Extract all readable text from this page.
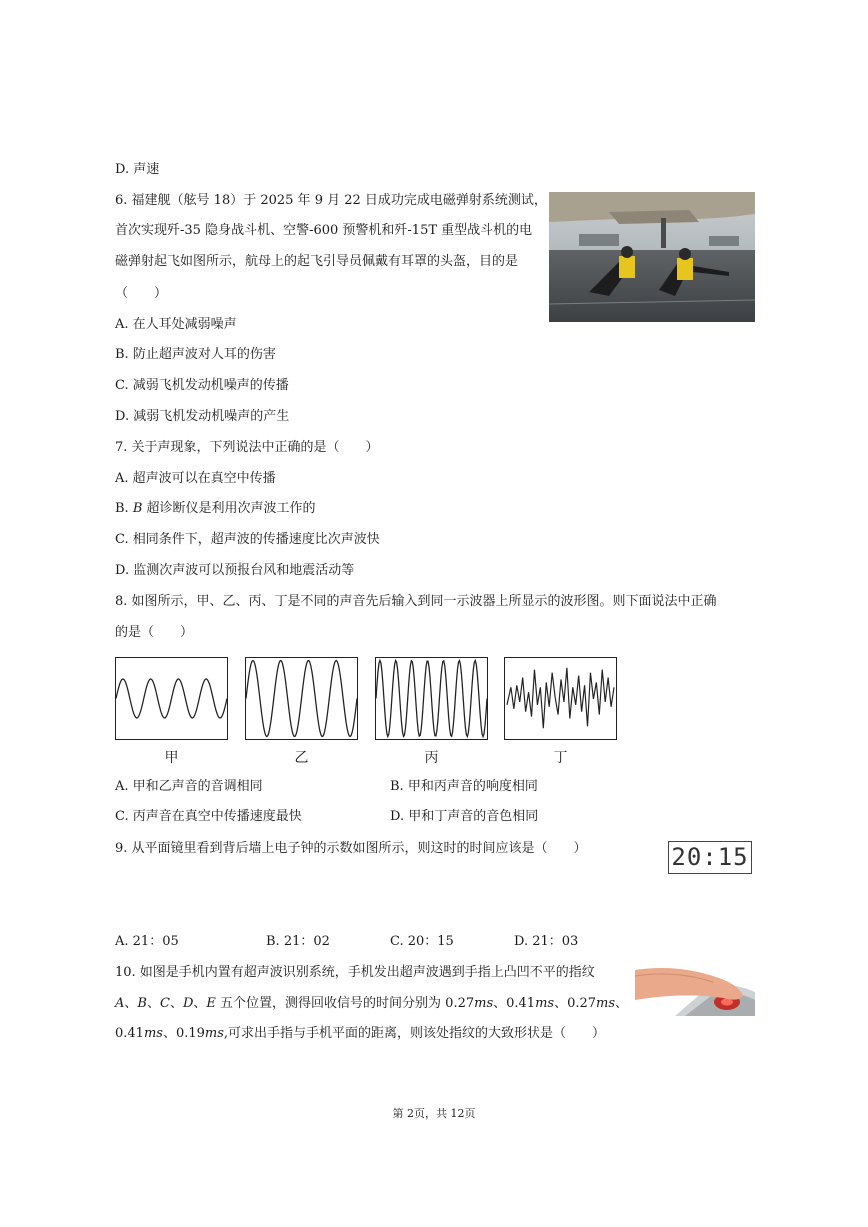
D. 声速
6. 福建舰（舷号 18）于 2025 年 9 月 22 日成功完成电磁弹射系统测试，
首次实现歼-35 隐身战斗机、空警-600 预警机和歼-15T 重型战斗机的电
磁弹射起飞如图所示，航母上的起飞引导员佩戴有耳罩的头盔，目的是
（　　）
A. 在人耳处减弱噪声
B. 防止超声波对人耳的伤害
C. 减弱飞机发动机噪声的传播
D. 减弱飞机发动机噪声的产生
7. 关于声现象，下列说法中正确的是（　　）
A. 超声波可以在真空中传播
B. B 超诊断仪是利用次声波工作的
C. 相同条件下，超声波的传播速度比次声波快
D. 监测次声波可以预报台风和地震活动等
8. 如图所示，甲、乙、丙、丁是不同的声音先后输入到同一示波器上所显示的波形图。则下面说法中正确
的是（　　）
甲	乙	丙	丁
A. 甲和乙声音的音调相同	B. 甲和丙声音的响度相同
C. 丙声音在真空中传播速度最快	D. 甲和丁声音的音色相同
9. 从平面镜里看到背后墙上电子钟的示数如图所示，则这时的时间应该是（　　）	20:15
A. 21：05	B. 21：02	C. 20：15	D. 21：03
10. 如图是手机内置有超声波识别系统，手机发出超声波遇到手指上凸凹不平的指纹
A、B、C、D、E 五个位置，测得回收信号的时间分别为 0.27ms、0.41ms、0.27ms、
0.41ms、0.19ms,可求出手指与手机平面的距离，则该处指纹的大致形状是（　　）
第 2页，共 12页
